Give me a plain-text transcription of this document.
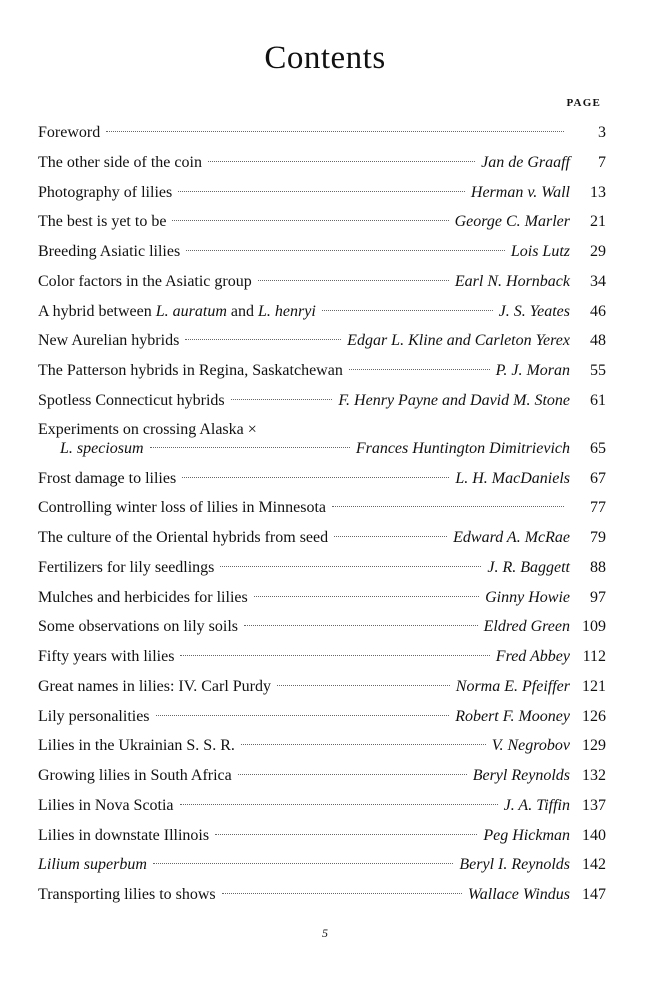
Contents
PAGE
Foreword	3
The other side of the coin	Jan de Graaff	7
Photography of lilies	Herman v. Wall	13
The best is yet to be	George C. Marler	21
Breeding Asiatic lilies	Lois Lutz	29
Color factors in the Asiatic group	Earl N. Hornback	34
A hybrid between L. auratum and L. henryi	J. S. Yeates	46
New Aurelian hybrids	Edgar L. Kline and Carleton Yerex	48
The Patterson hybrids in Regina, Saskatchewan	P. J. Moran	55
Spotless Connecticut hybrids	F. Henry Payne and David M. Stone	61
Experiments on crossing Alaska ×
L. speciosum	Frances Huntington Dimitrievich	65
Frost damage to lilies	L. H. MacDaniels	67
Controlling winter loss of lilies in Minnesota	77
The culture of the Oriental hybrids from seed	Edward A. McRae	79
Fertilizers for lily seedlings	J. R. Baggett	88
Mulches and herbicides for lilies	Ginny Howie	97
Some observations on lily soils	Eldred Green 109
Fifty years with lilies	Fred Abbey 112
Great names in lilies: IV. Carl Purdy	Norma E. Pfeiffer 121
Lily personalities	Robert F. Mooney 126
Lilies in the Ukrainian S. S. R.	V. Negrobov 129
Growing lilies in South Africa	Beryl Reynolds 132
Lilies in Nova Scotia	J. A. Tiffin 137
Lilies in downstate Illinois	Peg Hickman 140
Lilium superbum	Beryl I. Reynolds 142
Transporting lilies to shows	Wallace Windus 147
5
